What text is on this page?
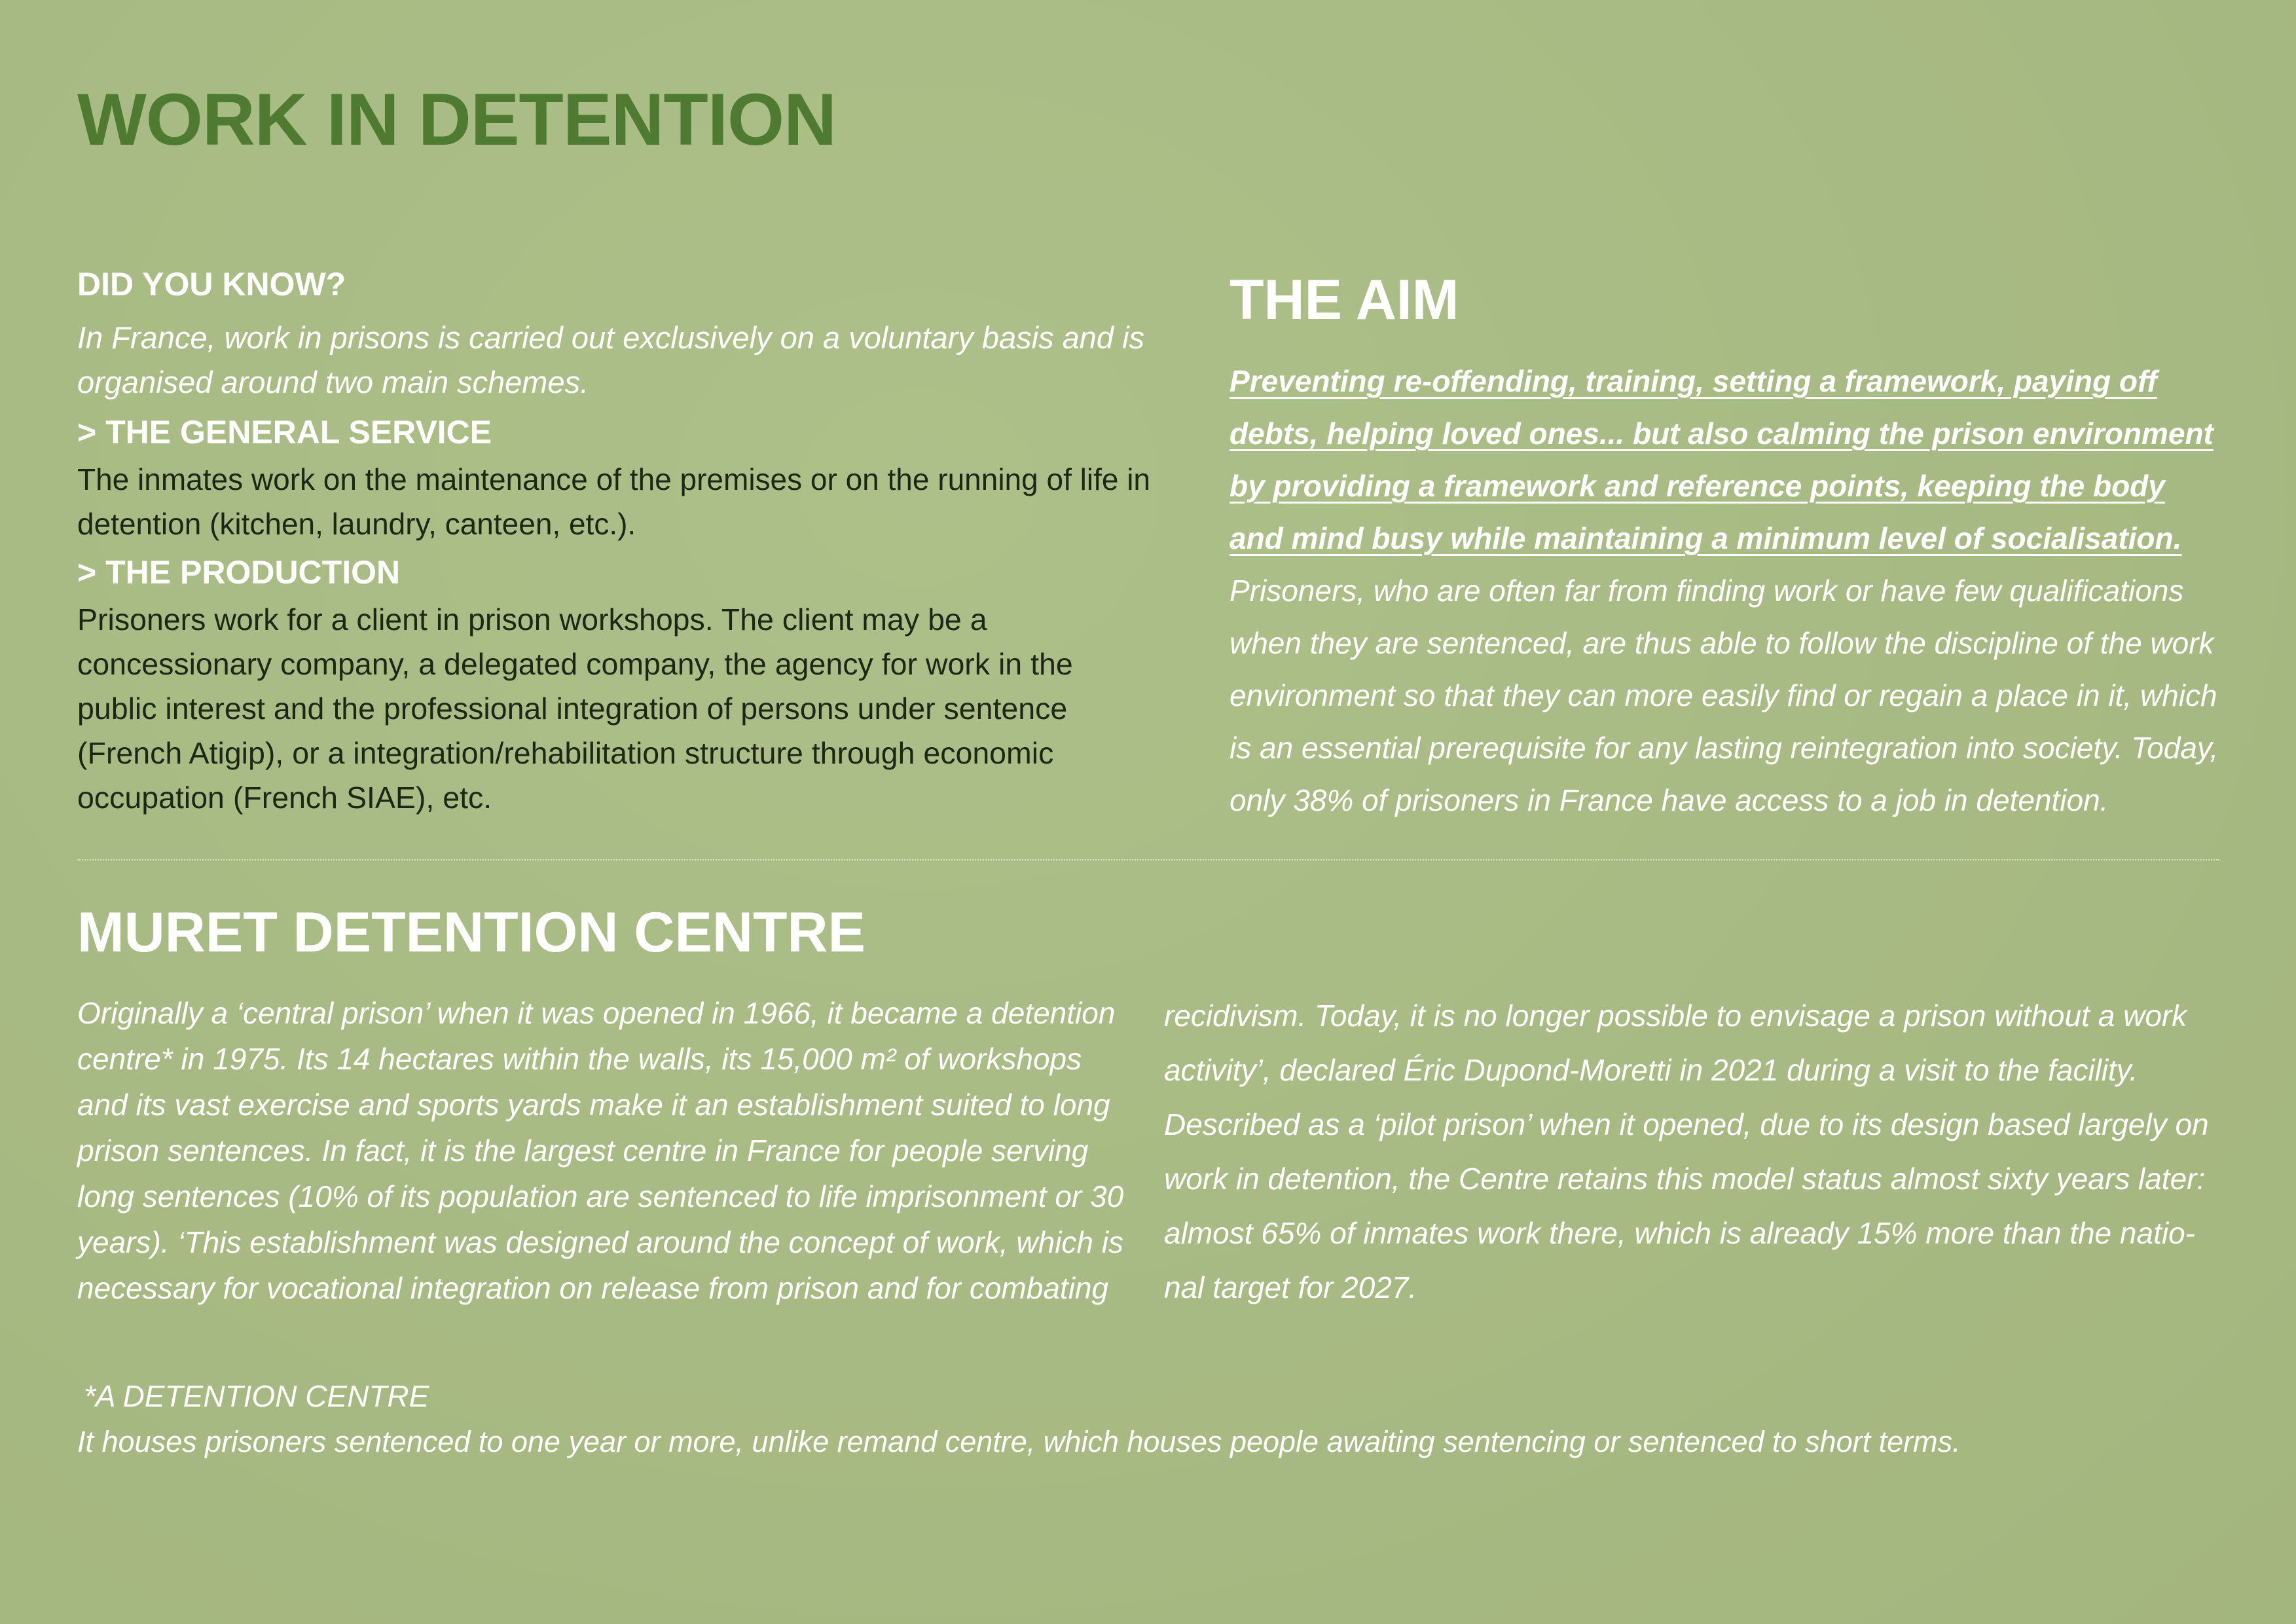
WORK IN DETENTION
DID YOU KNOW?

In France, work in prisons is carried out exclusively on a voluntary basis and is organised around two main schemes.

> THE GENERAL SERVICE

The inmates work on the maintenance of the premises or on the running of life in detention (kitchen, laundry, canteen, etc.).

> THE PRODUCTION

Prisoners work for a client in prison workshops. The client may be a concessionary company, a delegated company, the agency for work in the public interest and the professional integration of persons under sentence (French Atigip), or a integration/rehabilitation structure through economic occupation (French SIAE), etc.

THE AIM

Preventing re-offending, training, setting a framework, paying off debts, helping loved ones... but also calming the prison environment by providing a framework and reference points, keeping the body and mind busy while maintaining a minimum level of socialisation.

Prisoners, who are often far from finding work or have few qualifications when they are sentenced, are thus able to follow the discipline of the work environment so that they can more easily find or regain a place in it, which is an essential prerequisite for any lasting reintegration into society. Today, only 38% of prisoners in France have access to a job in detention.

MURET DETENTION CENTRE

Originally a ‘central prison’ when it was opened in 1966, it became a detention centre* in 1975. Its 14 hectares within the walls, its 15,000 m² of workshops and its vast exercise and sports yards make it an establishment suited to long prison sentences. In fact, it is the largest centre in France for people serving long sentences (10% of its population are sentenced to life imprisonment or 30 years). ‘This establishment was designed around the concept of work, which is necessary for vocational integration on release from prison and for combating

recidivism. Today, it is no longer possible to envisage a prison without a work activity’, declared Éric Dupond-Moretti in 2021 during a visit to the facility. Described as a ‘pilot prison’ when it opened, due to its design based largely on work in detention, the Centre retains this model status almost sixty years later: almost 65% of inmates work there, which is already 15% more than the natio-nal target for 2027.

*A DETENTION CENTRE

It houses prisoners sentenced to one year or more, unlike remand centre, which houses people awaiting sentencing or sentenced to short terms.
